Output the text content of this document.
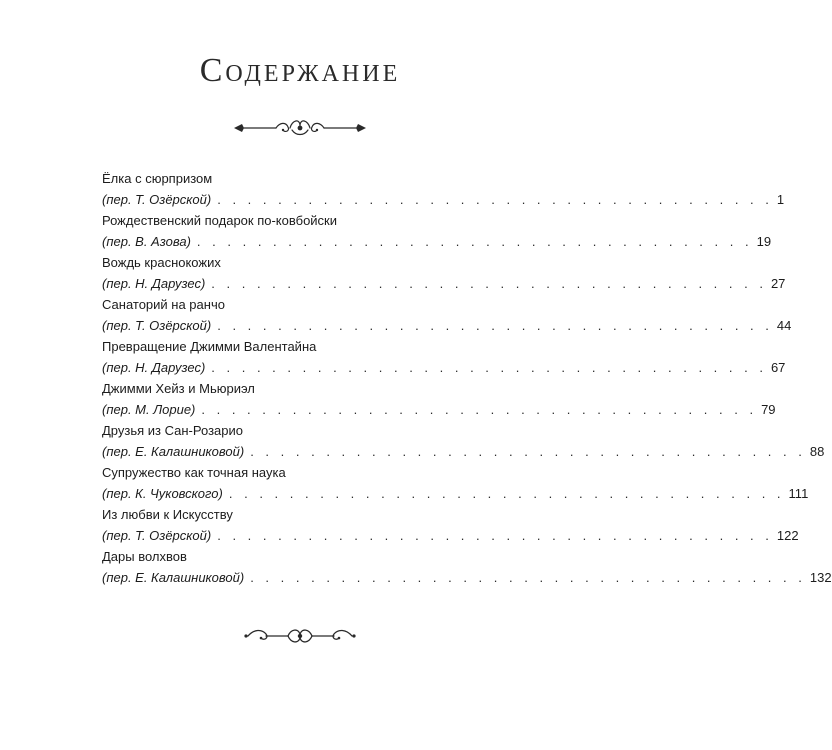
Содержание
Ёлка с сюрпризом
(пер. Т. Озёрской) . . . . . . . . . . . . . . . . . . . . . . . . . . . . . . . . . . . . . 1
Рождественский подарок по-ковбойски
(пер. В. Азова) . . . . . . . . . . . . . . . . . . . . . . . . . . . . . . . . . . . . . 19
Вождь краснокожих
(пер. Н. Дарузес) . . . . . . . . . . . . . . . . . . . . . . . . . . . . . . . . . . . . . 27
Санаторий на ранчо
(пер. Т. Озёрской) . . . . . . . . . . . . . . . . . . . . . . . . . . . . . . . . . . . . . 44
Превращение Джимми Валентайна
(пер. Н. Дарузес) . . . . . . . . . . . . . . . . . . . . . . . . . . . . . . . . . . . . . 67
Джимми Хейз и Мьюриэл
(пер. М. Лорие) . . . . . . . . . . . . . . . . . . . . . . . . . . . . . . . . . . . . . 79
Друзья из Сан-Розарио
(пер. Е. Калашниковой) . . . . . . . . . . . . . . . . . . . . . . . . . . . . . . . . . . . . . 88
Супружество как точная наука
(пер. К. Чуковского) . . . . . . . . . . . . . . . . . . . . . . . . . . . . . . . . . . . . . 111
Из любви к Искусству
(пер. Т. Озёрской) . . . . . . . . . . . . . . . . . . . . . . . . . . . . . . . . . . . . . 122
Дары волхвов
(пер. Е. Калашниковой) . . . . . . . . . . . . . . . . . . . . . . . . . . . . . . . . . . . . . 132
